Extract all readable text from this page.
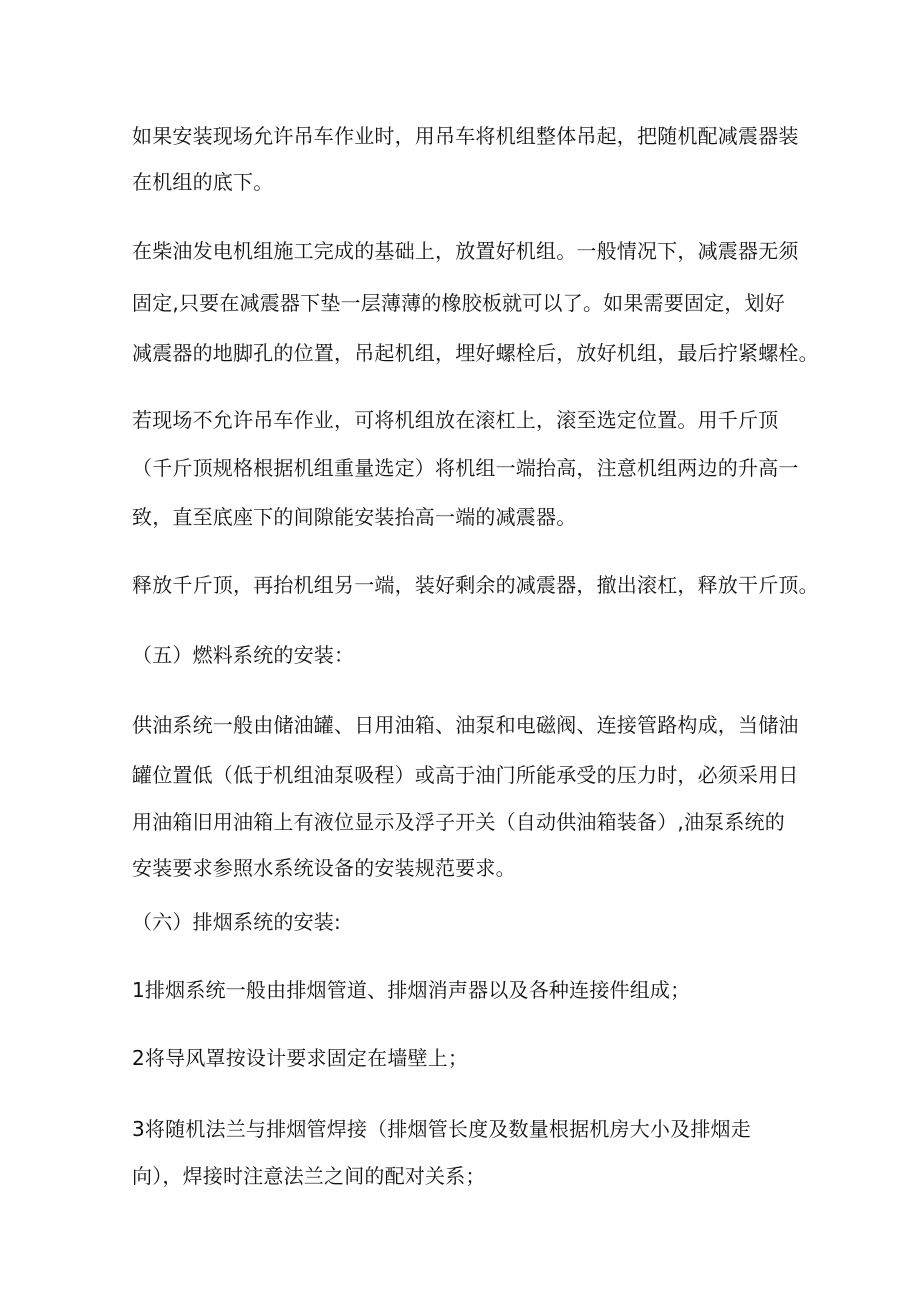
如果安装现场允许吊车作业时，用吊车将机组整体吊起，把随机配减震器装
在机组的底下。
在柴油发电机组施工完成的基础上，放置好机组。一般情况下，减震器无须
固定,只要在减震器下垫一层薄薄的橡胶板就可以了。如果需要固定，划好
减震器的地脚孔的位置，吊起机组，埋好螺栓后，放好机组，最后拧紧螺栓。
若现场不允许吊车作业，可将机组放在滚杠上，滚至选定位置。用千斤顶
（千斤顶规格根据机组重量选定）将机组一端抬高，注意机组两边的升高一
致，直至底座下的间隙能安装抬高一端的减震器。
释放千斤顶，再抬机组另一端，装好剩余的减震器，撤出滚杠，释放干斤顶。
（五）燃料系统的安装：
供油系统一般由储油罐、日用油箱、油泵和电磁阀、连接管路构成，当储油
罐位置低（低于机组油泵吸程）或高于油门所能承受的压力时，必须采用日
用油箱旧用油箱上有液位显示及浮子开关（自动供油箱装备）,油泵系统的
安装要求参照水系统设备的安装规范要求。
（六）排烟系统的安装:
1排烟系统一般由排烟管道、排烟消声器以及各种连接件组成；
2将导风罩按设计要求固定在墙壁上；
3将随机法兰与排烟管焊接（排烟管长度及数量根据机房大小及排烟走
向），焊接时注意法兰之间的配对关系；
